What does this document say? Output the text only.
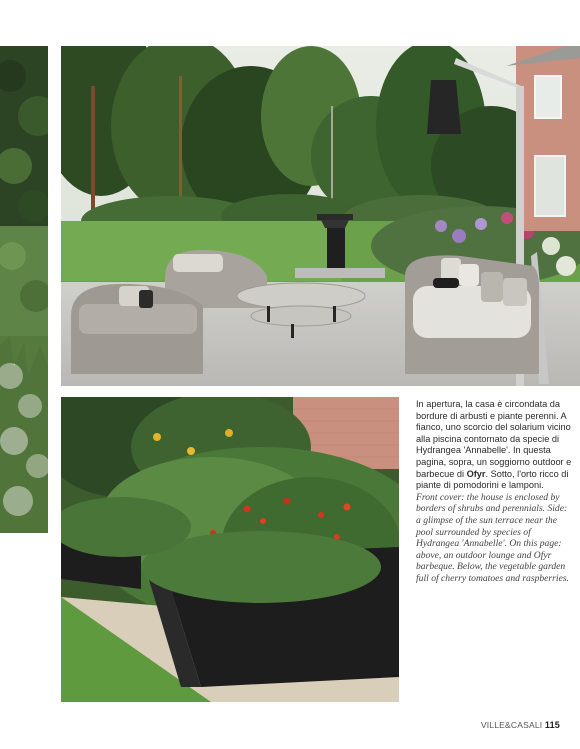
In apertura, la casa è circondata da bordure di arbusti e piante perenni. A fianco, uno scorcio del solarium vicino alla piscina contornato da specie di Hydrangea 'Annabelle'. In questa pagina, sopra, un soggiorno outdoor e barbecue di Ofyr. Sotto, l'orto ricco di piante di pomodorini e lamponi.

Front cover: the house is enclosed by borders of shrubs and perennials. Side: a glimpse of the sun terrace near the pool surrounded by species of Hydrangea 'Annabelle'. On this page: above, an outdoor lounge and Ofyr barbeque. Below, the vegetable garden full of cherry tomatoes and raspberries.

VILLE&CASALI 115
